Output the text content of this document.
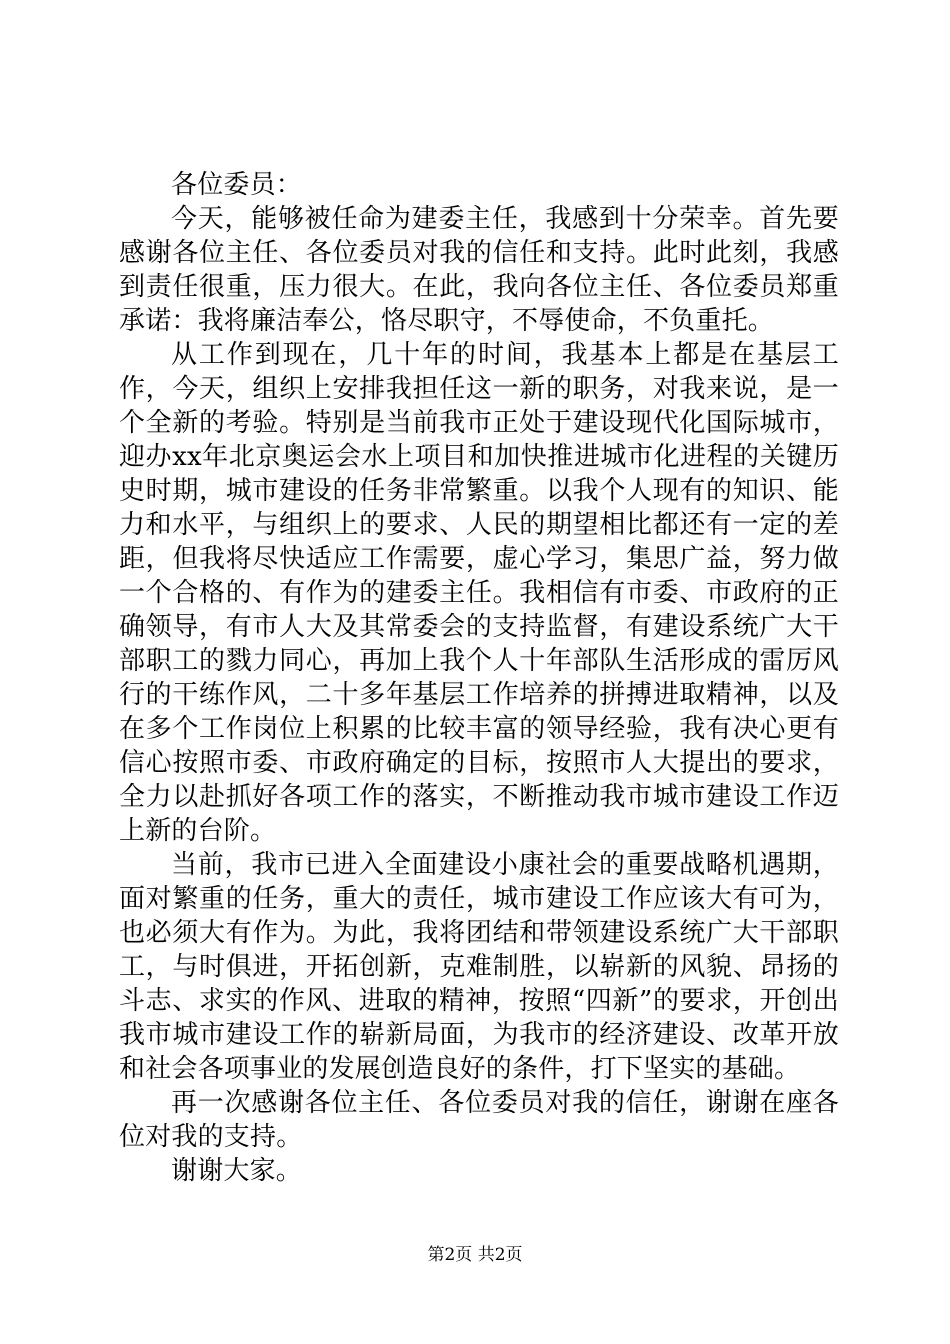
各位委员：

今天，能够被任命为建委主任，我感到十分荣幸。首先要感谢各位主任、各位委员对我的信任和支持。此时此刻，我感到责任很重，压力很大。在此，我向各位主任、各位委员郑重承诺：我将廉洁奉公，恪尽职守，不辱使命，不负重托。

从工作到现在，几十年的时间，我基本上都是在基层工作，今天，组织上安排我担任这一新的职务，对我来说，是一个全新的考验。特别是当前我市正处于建设现代化国际城市，迎办xx年北京奥运会水上项目和加快推进城市化进程的关键历史时期，城市建设的任务非常繁重。以我个人现有的知识、能力和水平，与组织上的要求、人民的期望相比都还有一定的差距，但我将尽快适应工作需要，虚心学习，集思广益，努力做一个合格的、有作为的建委主任。我相信有市委、市政府的正确领导，有市人大及其常委会的支持监督，有建设系统广大干部职工的戮力同心，再加上我个人十年部队生活形成的雷厉风行的干练作风，二十多年基层工作培养的拼搏进取精神，以及在多个工作岗位上积累的比较丰富的领导经验，我有决心更有信心按照市委、市政府确定的目标，按照市人大提出的要求，全力以赴抓好各项工作的落实，不断推动我市城市建设工作迈上新的台阶。

当前，我市已进入全面建设小康社会的重要战略机遇期，面对繁重的任务，重大的责任，城市建设工作应该大有可为，也必须大有作为。为此，我将团结和带领建设系统广大干部职工，与时俱进，开拓创新，克难制胜，以崭新的风貌、昂扬的斗志、求实的作风、进取的精神，按照“四新”的要求，开创出我市城市建设工作的崭新局面，为我市的经济建设、改革开放和社会各项事业的发展创造良好的条件，打下坚实的基础。

再一次感谢各位主任、各位委员对我的信任，谢谢在座各位对我的支持。

谢谢大家。

第2页 共2页
